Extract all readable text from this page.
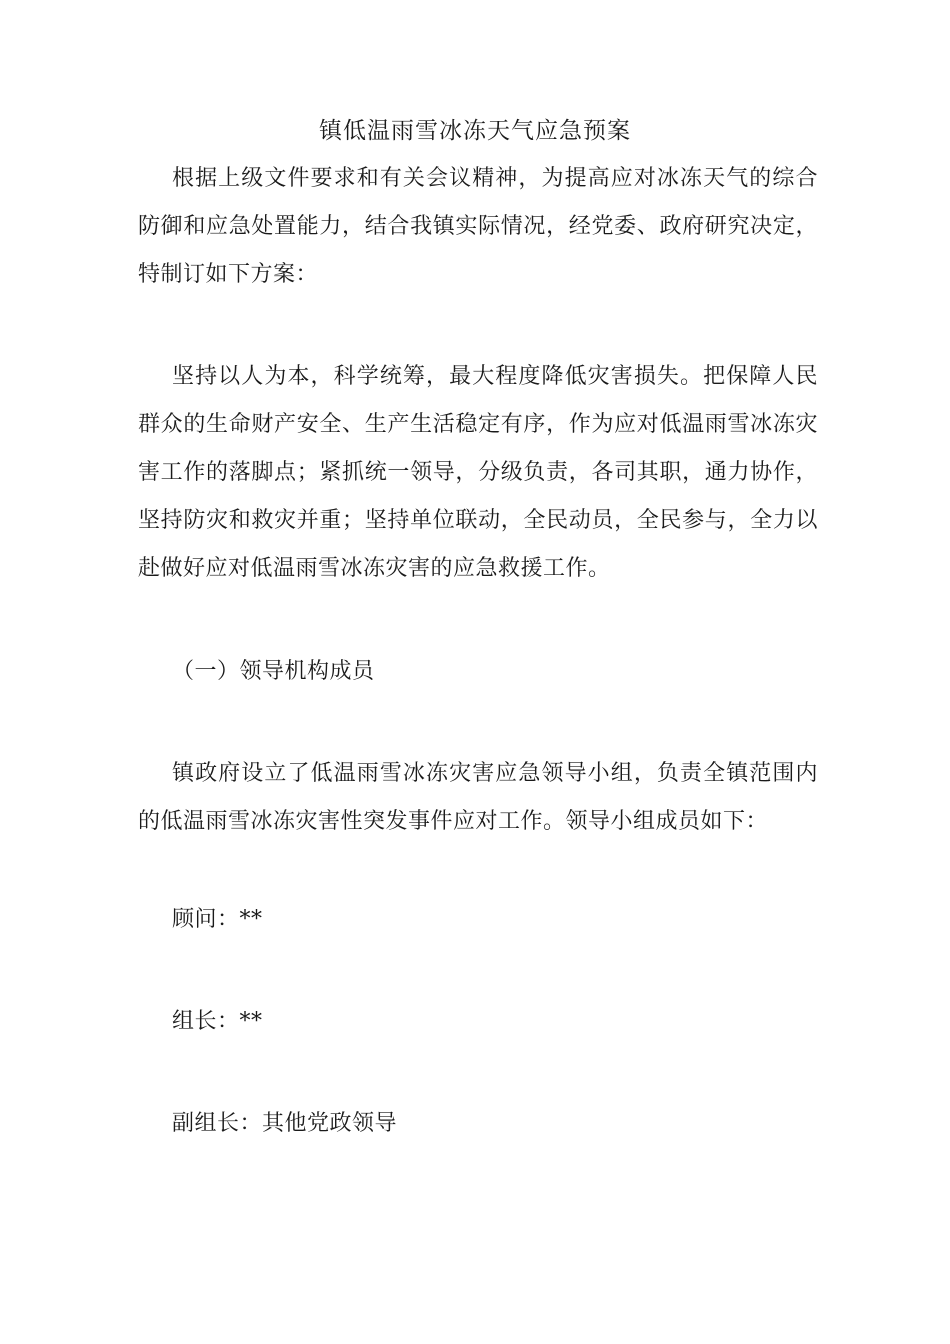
镇低温雨雪冰冻天气应急预案
根据上级文件要求和有关会议精神，为提高应对冰冻天气的综合防御和应急处置能力，结合我镇实际情况，经党委、政府研究决定，特制订如下方案：
坚持以人为本，科学统筹，最大程度降低灾害损失。把保障人民群众的生命财产安全、生产生活稳定有序，作为应对低温雨雪冰冻灾害工作的落脚点；紧抓统一领导，分级负责，各司其职，通力协作，坚持防灾和救灾并重；坚持单位联动，全民动员，全民参与，全力以赴做好应对低温雨雪冰冻灾害的应急救援工作。
（一）领导机构成员
镇政府设立了低温雨雪冰冻灾害应急领导小组，负责全镇范围内的低温雨雪冰冻灾害性突发事件应对工作。领导小组成员如下：
顾问：**
组长：**
副组长：其他党政领导
